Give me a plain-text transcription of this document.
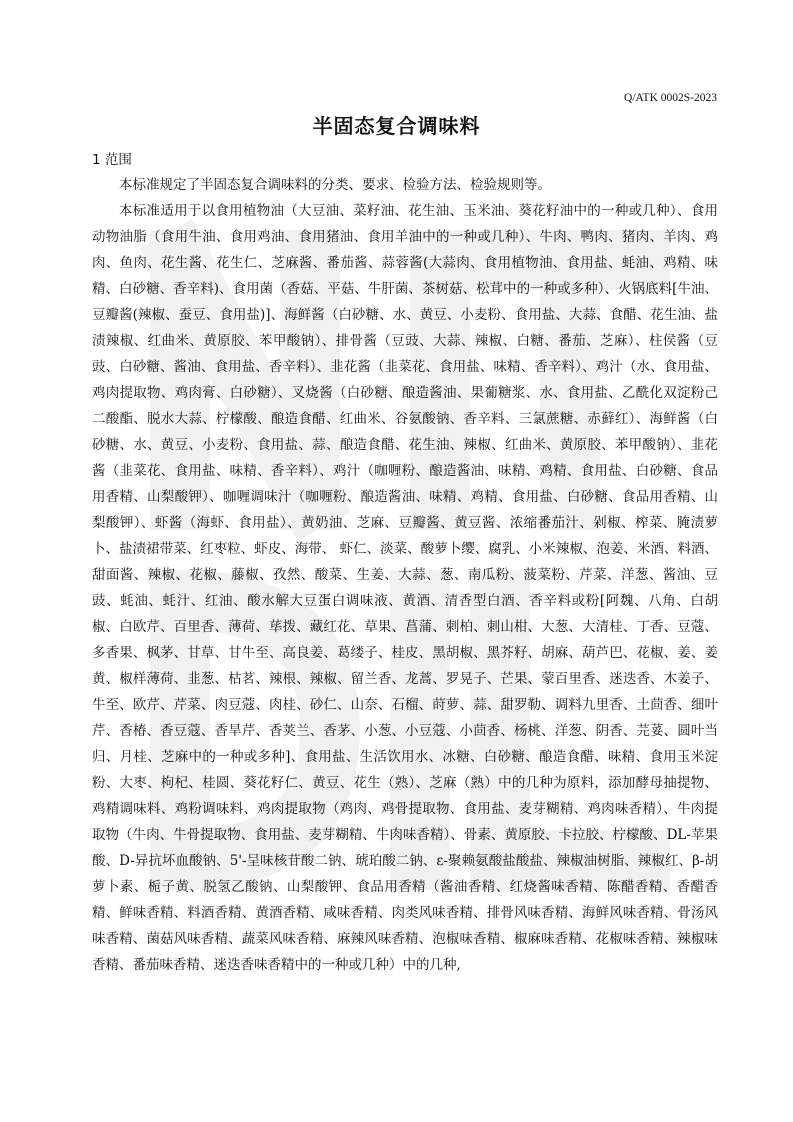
Q/ATK 0002S-2023
半固态复合调味料
1 范围

本标准规定了半固态复合调味料的分类、要求、检验方法、检验规则等。

本标准适用于以食用植物油（大豆油、菜籽油、花生油、玉米油、葵花籽油中的一种或几种）、食用动物油脂（食用牛油、食用鸡油、食用猪油、食用羊油中的一种或几种）、牛肉、鸭肉、猪肉、羊肉、鸡肉、鱼肉、花生酱、花生仁、芝麻酱、番茄酱、蒜蓉酱(大蒜肉、食用植物油、食用盐、蚝油、鸡精、味精、白砂糖、香辛料)、食用菌（香菇、平菇、牛肝菌、茶树菇、松茸中的一种或多种）、火锅底料[牛油、豆瓣酱(辣椒、蚕豆、食用盐)]、海鲜酱（白砂糖、水、黄豆、小麦粉、食用盐、大蒜、食醋、花生油、盐渍辣椒、红曲米、黄原胶、苯甲酸钠）、排骨酱（豆豉、大蒜、辣椒、白糖、番茄、芝麻）、柱侯酱（豆豉、白砂糖、酱油、食用盐、香辛料）、韭花酱（韭菜花、食用盐、味精、香辛料）、鸡汁（水、食用盐、鸡肉提取物、鸡肉膏、白砂糖）、叉烧酱（白砂糖、酿造酱油、果葡糖浆、水、食用盐、乙酰化双淀粉己二酸酯、脱水大蒜、柠檬酸、酿造食醋、红曲米、谷氨酸钠、香辛料、三氯蔗糖、赤藓红）、海鲜酱（白砂糖、水、黄豆、小麦粉、食用盐、蒜、酿造食醋、花生油、辣椒、红曲米、黄原胶、苯甲酸钠）、韭花酱（韭菜花、食用盐、味精、香辛料）、鸡汁（咖喱粉、酿造酱油、味精、鸡精、食用盐、白砂糖、食品用香精、山梨酸钾）、咖喱调味汁（咖喱粉、酿造酱油、味精、鸡精、食用盐、白砂糖、食品用香精、山梨酸钾）、虾酱（海虾、食用盐）、黄奶油、芝麻、豆瓣酱、黄豆酱、浓缩番茄汁、剁椒、榨菜、腌渍萝卜、盐渍裙带菜、红枣粒、虾皮、海带、 虾仁、淡菜、酸萝卜缨、腐乳、小米辣椒、泡姜、米酒、料酒、甜面酱、辣椒、花椒、藤椒、孜然、酸菜、生姜、大蒜、葱、南瓜粉、菠菜粉、芹菜、洋葱、酱油、豆豉、蚝油、蚝汁、红油、酸水解大豆蛋白调味液、黄酒、清香型白酒、香辛料或粉[阿魏、八角、白胡椒、白欧芹、百里香、薄荷、荜拨、藏红花、草果、菖蒲、刺柏、刺山柑、大葱、大清桂、丁香、豆蔻、多香果、枫茅、甘草、甘牛至、高良姜、葛缕子、桂皮、黑胡椒、黑芥籽、胡麻、葫芦巴、花椒、姜、姜黄、椒样薄荷、韭葱、枯茗、辣根、辣椒、留兰香、龙蒿、罗晃子、芒果、蒙百里香、迷迭香、木姜子、牛至、欧芹、芹菜、肉豆蔻、肉桂、砂仁、山奈、石榴、莳萝、蒜、甜罗勒、调料九里香、土茴香、细叶芹、香椿、香豆蔻、香旱芹、香荚兰、香茅、小葱、小豆蔻、小茴香、杨桃、洋葱、阴香、芫荽、圆叶当归、月桂、芝麻中的一种或多种]、食用盐、生活饮用水、冰糖、白砂糖、酿造食醋、味精、食用玉米淀粉、大枣、枸杞、桂圆、葵花籽仁、黄豆、花生（熟）、芝麻（熟）中的几种为原料，添加酵母抽提物、鸡精调味料、鸡粉调味料、鸡肉提取物（鸡肉、鸡骨提取物、食用盐、麦芽糊精、鸡肉味香精）、牛肉提取物（牛肉、牛骨提取物、食用盐、麦芽糊精、牛肉味香精）、骨素、黄原胶、卡拉胶、柠檬酸、DL-苹果酸、D-异抗坏血酸钠、5'-呈味核苷酸二钠、琥珀酸二钠、ε-聚赖氨酸盐酸盐、辣椒油树脂、辣椒红、β-胡萝卜素、栀子黄、脱氢乙酸钠、山梨酸钾、食品用香精（酱油香精、红烧酱味香精、陈醋香精、香醋香精、鲜味香精、料酒香精、黄酒香精、咸味香精、肉类风味香精、排骨风味香精、海鲜风味香精、骨汤风味香精、菌菇风味香精、蔬菜风味香精、麻辣风味香精、泡椒味香精、椒麻味香精、花椒味香精、辣椒味香精、番茄味香精、迷迭香味香精中的一种或几种）中的几种,
